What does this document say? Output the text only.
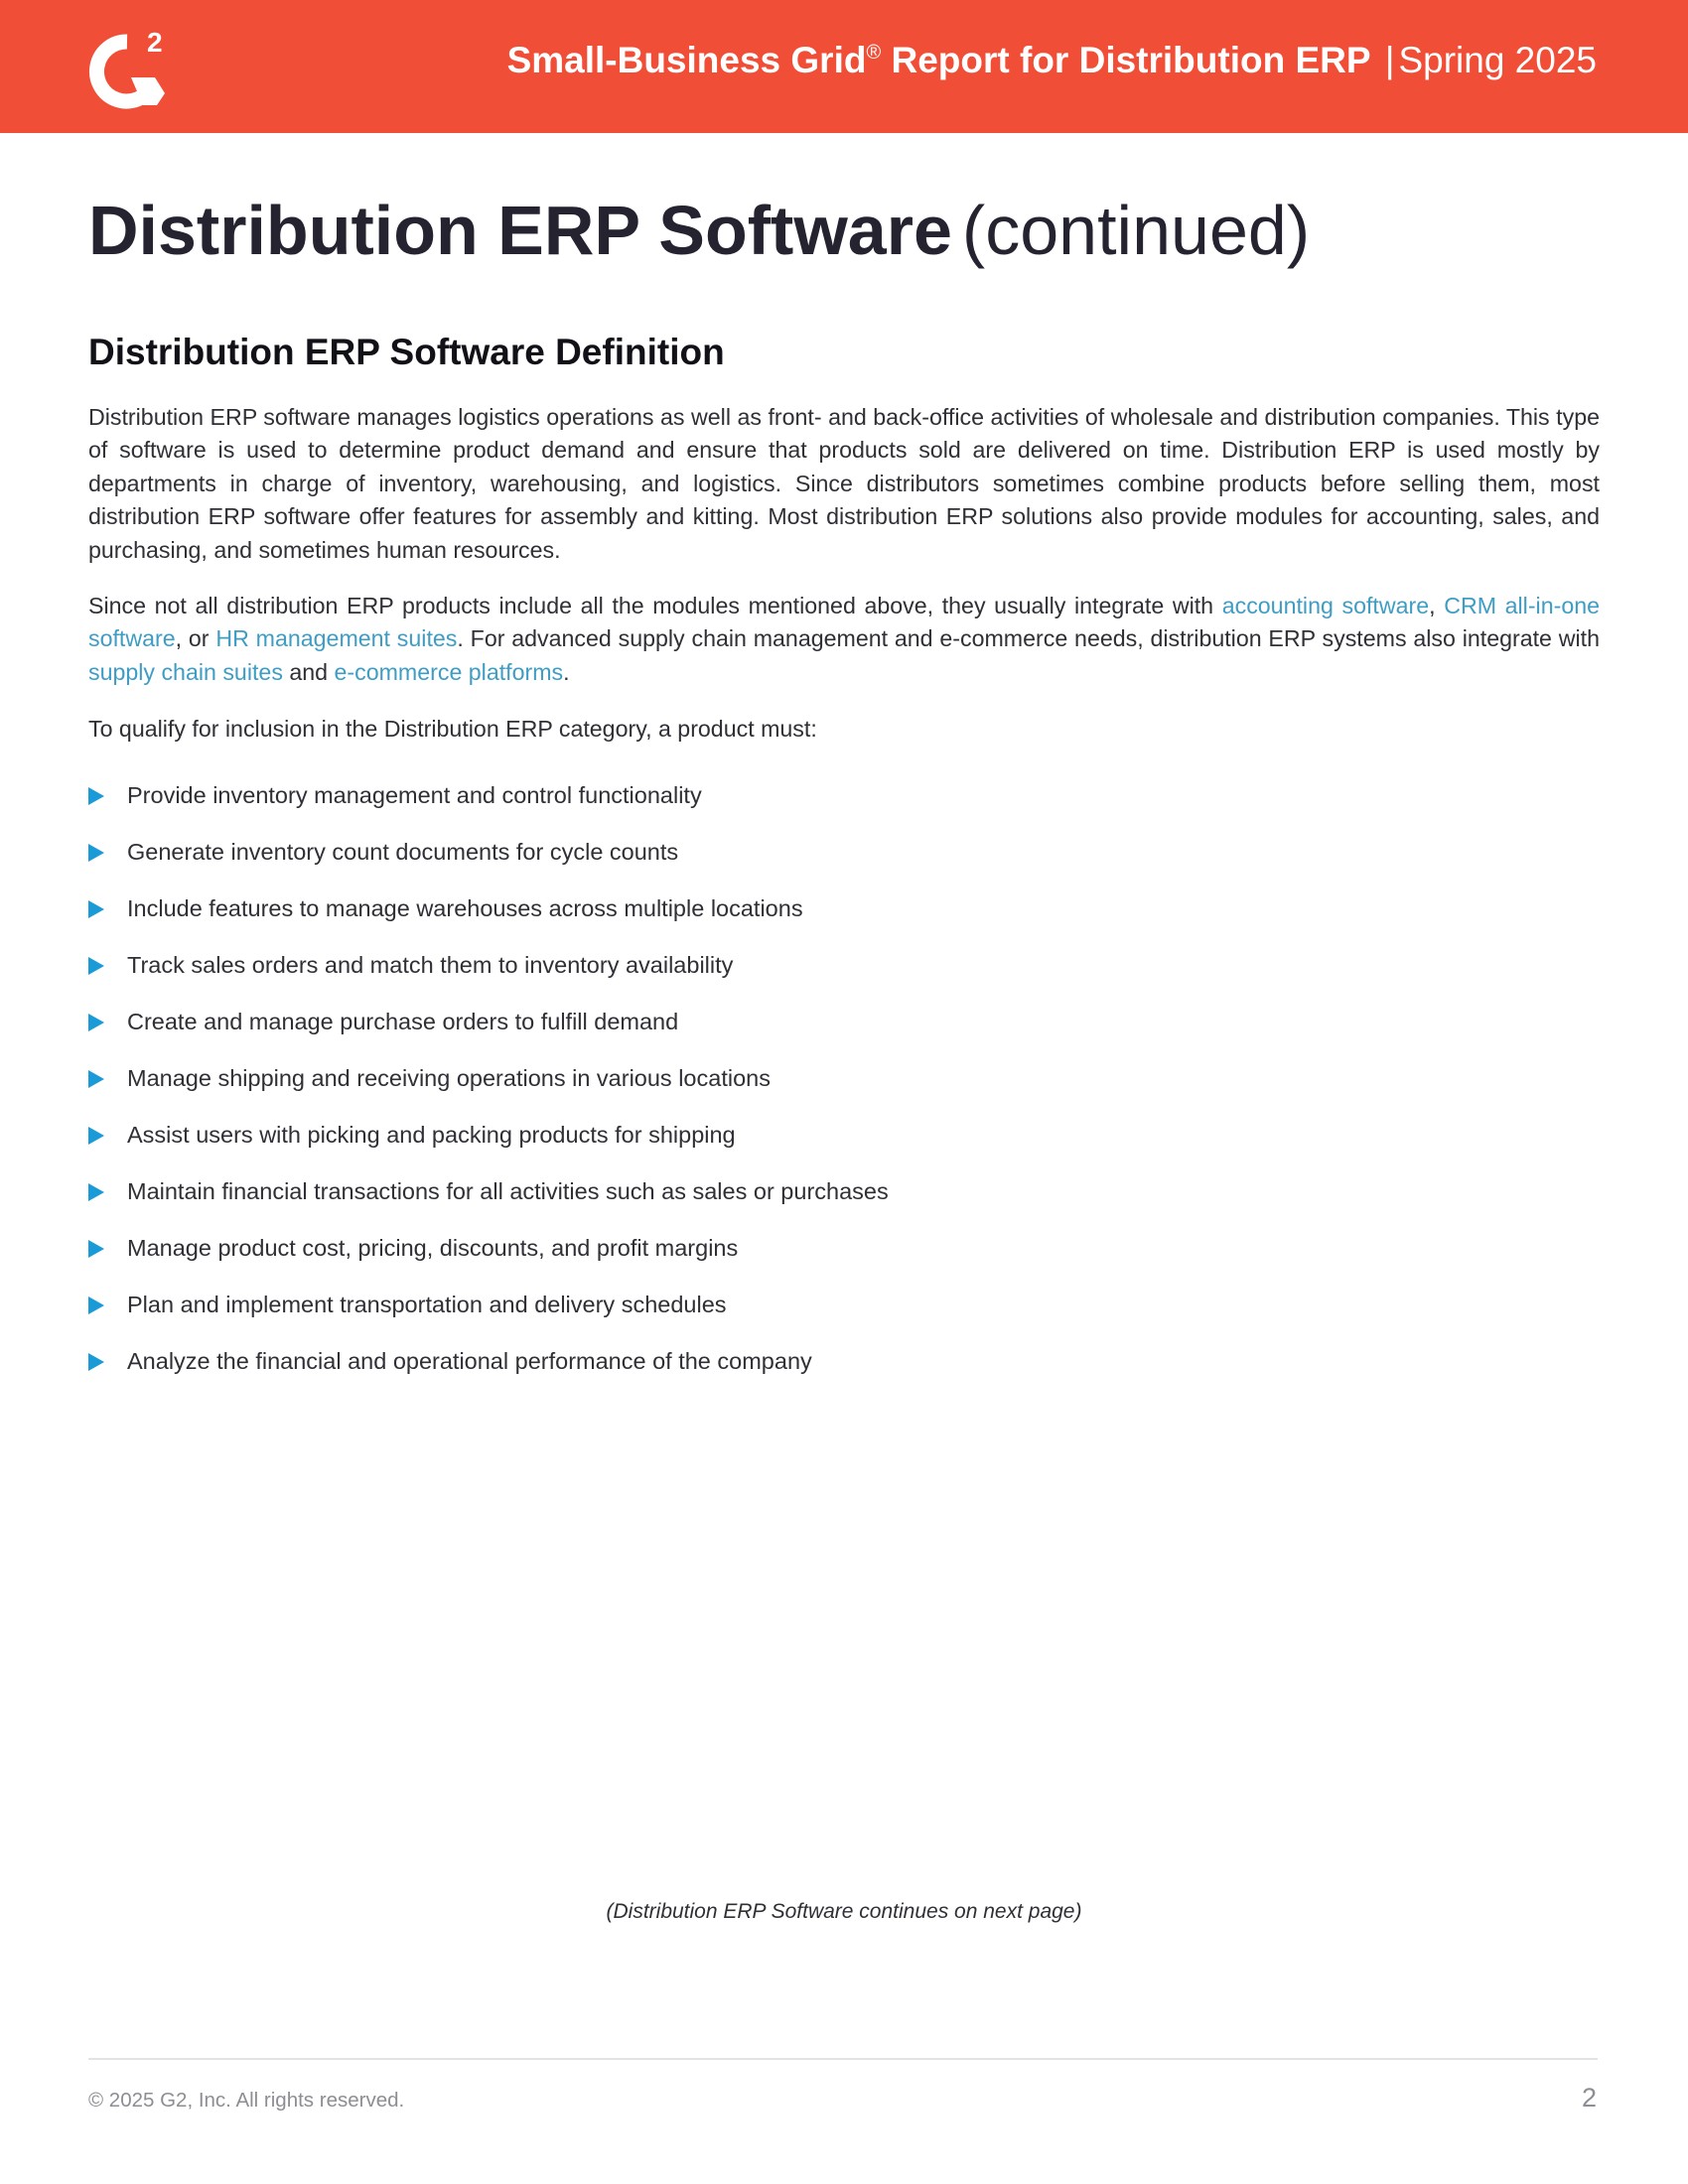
2	Small-Business Grid® Report for Distribution ERP | Spring 2025
Distribution ERP Software (continued)
Distribution ERP Software Definition

Distribution ERP software manages logistics operations as well as front- and back-office activities of wholesale and distribution companies. This type of software is used to determine product demand and ensure that products sold are delivered on time. Distribution ERP is used mostly by departments in charge of inventory, warehousing, and logistics. Since distributors sometimes combine products before selling them, most distribution ERP software offer features for assembly and kitting. Most distribution ERP solutions also provide modules for accounting, sales, and purchasing, and sometimes human resources.

Since not all distribution ERP products include all the modules mentioned above, they usually integrate with accounting software, CRM all-in-one software, or HR management suites. For advanced supply chain management and e-commerce needs, distribution ERP systems also integrate with supply chain suites and e-commerce platforms.

To qualify for inclusion in the Distribution ERP category, a product must:

Provide inventory management and control functionality
Generate inventory count documents for cycle counts
Include features to manage warehouses across multiple locations
Track sales orders and match them to inventory availability
Create and manage purchase orders to fulfill demand
Manage shipping and receiving operations in various locations
Assist users with picking and packing products for shipping
Maintain financial transactions for all activities such as sales or purchases
Manage product cost, pricing, discounts, and profit margins
Plan and implement transportation and delivery schedules
Analyze the financial and operational performance of the company
(Distribution ERP Software continues on next page)
© 2025 G2, Inc. All rights reserved.	2
